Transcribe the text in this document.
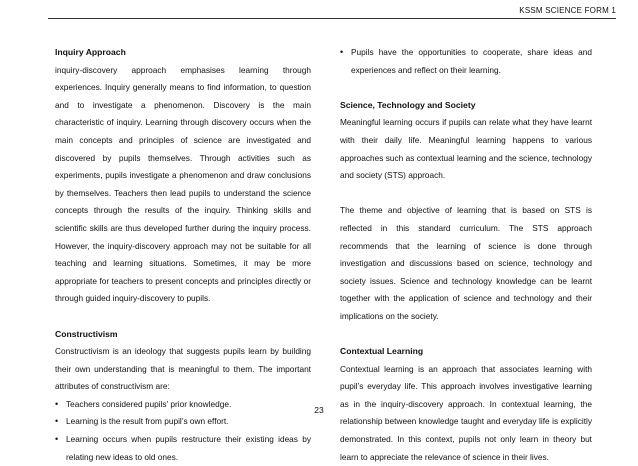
KSSM SCIENCE FORM 1
Inquiry Approach

inquiry-discovery approach emphasises learning through experiences. Inquiry generally means to find information, to question and to investigate a phenomenon. Discovery is the main characteristic of inquiry. Learning through discovery occurs when the main concepts and principles of science are investigated and discovered by pupils themselves. Through activities such as experiments, pupils investigate a phenomenon and draw conclusions by themselves. Teachers then lead pupils to understand the science concepts through the results of the inquiry. Thinking skills and scientific skills are thus developed further during the inquiry process. However, the inquiry-discovery approach may not be suitable for all teaching and learning situations. Sometimes, it may be more appropriate for teachers to present concepts and principles directly or through guided inquiry-discovery to pupils.

Constructivism

Constructivism is an ideology that suggests pupils learn by building their own understanding that is meaningful to them. The important attributes of constructivism are:

• Teachers considered pupils’ prior knowledge.
• Learning is the result from pupil’s own effort.
• Learning occurs when pupils restructure their existing ideas by relating new ideas to old ones.
• Pupils have the opportunities to cooperate, share ideas and experiences and reflect on their learning.
Science, Technology and Society

Meaningful learning occurs if pupils can relate what they have learnt with their daily life. Meaningful learning happens to various approaches such as contextual learning and the science, technology and society (STS) approach.

The theme and objective of learning that is based on STS is reflected in this standard curriculum. The STS approach recommends that the learning of science is done through investigation and discussions based on science, technology and society issues. Science and technology knowledge can be learnt together with the application of science and technology and their implications on the society.

Contextual Learning

Contextual learning is an approach that associates learning with pupil’s everyday life. This approach involves investigative learning as in the inquiry-discovery approach. In contextual learning, the relationship between knowledge taught and everyday life is explicitly demonstrated. In this context, pupils not only learn in theory but learn to appreciate the relevance of science in their lives.

23
